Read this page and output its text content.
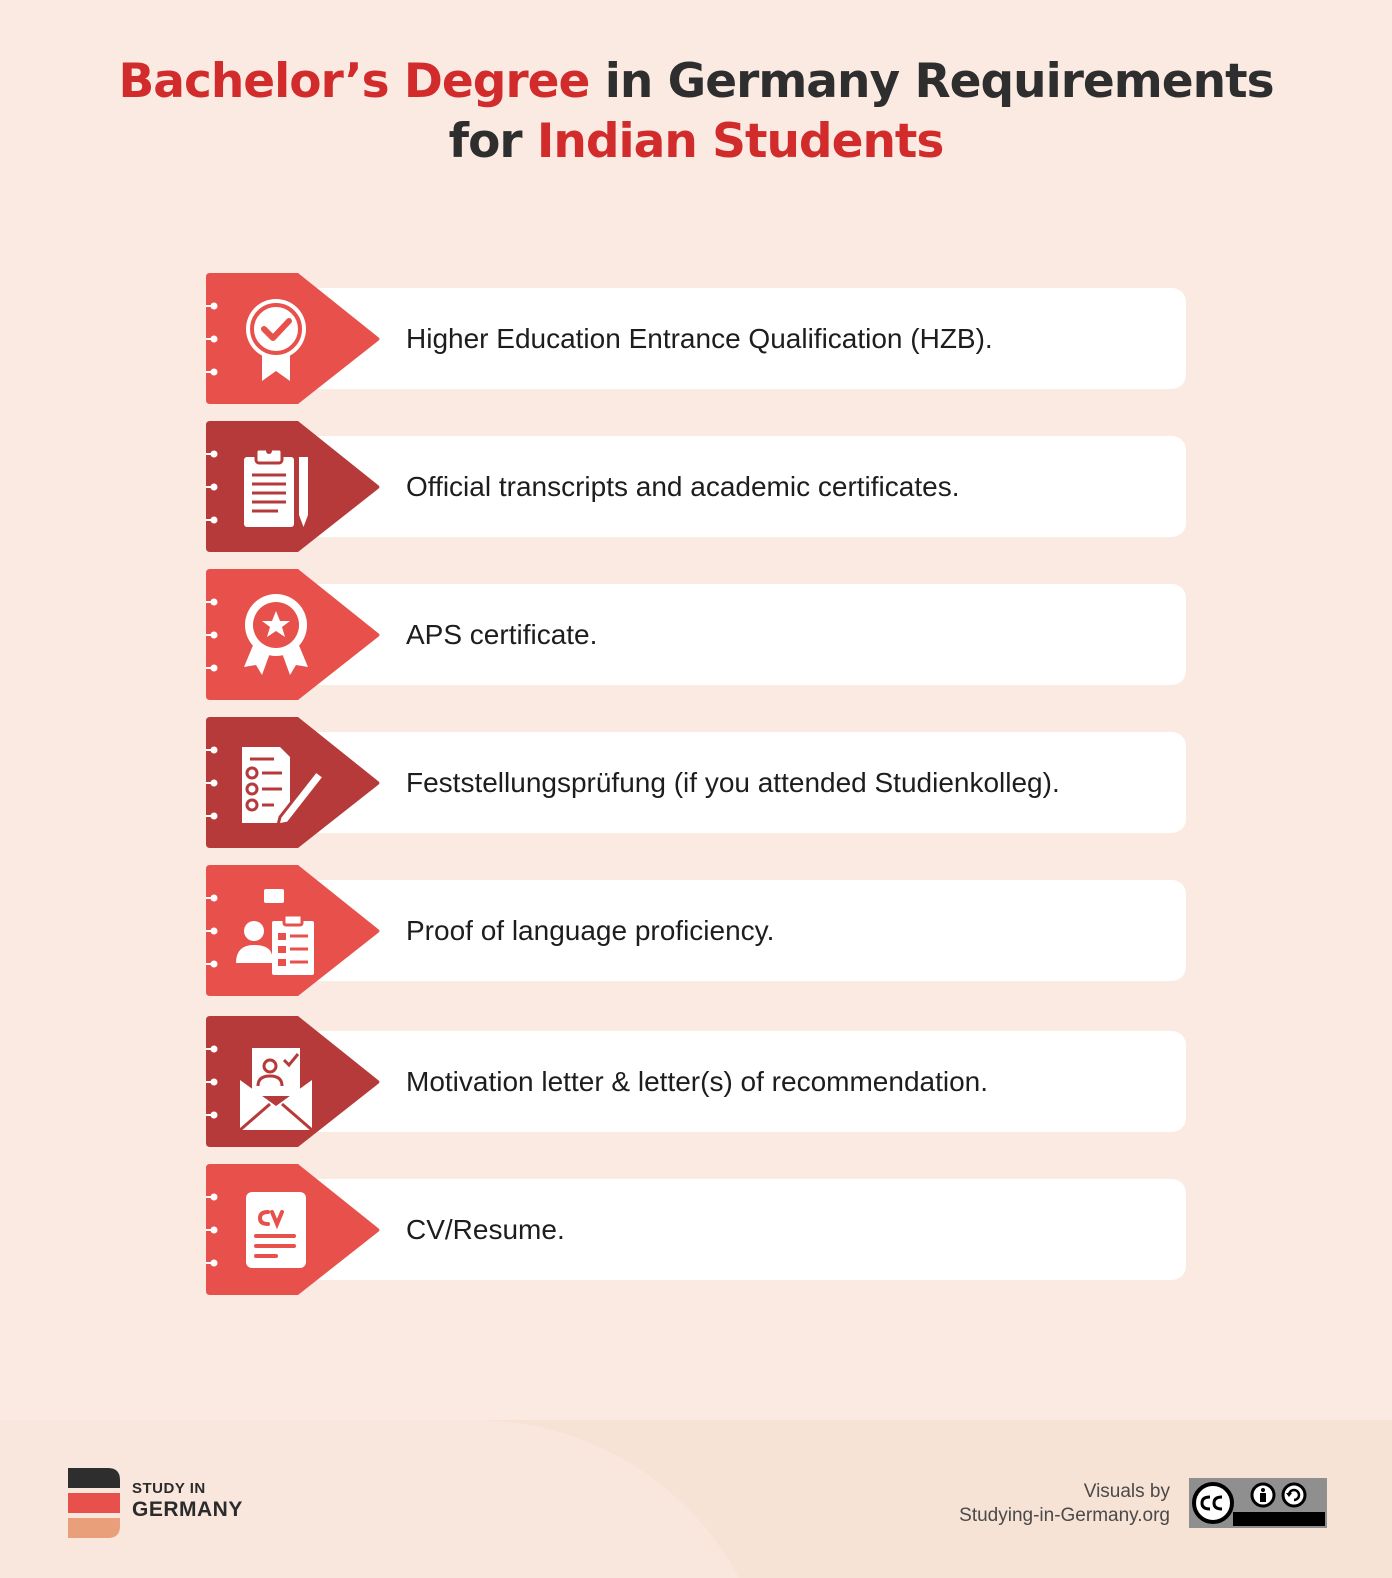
Bachelor’s Degree in Germany Requirements
for Indian Students
Higher Education Entrance Qualification (HZB).
Official transcripts and academic certificates.
APS certificate.
Feststellungsprüfung (if you attended Studienkolleg).
Proof of language proficiency.
Motivation letter & letter(s) of recommendation.
CV/Resume.
STUDY IN
GERMANY
Visuals by
Studying-in-Germany.org
